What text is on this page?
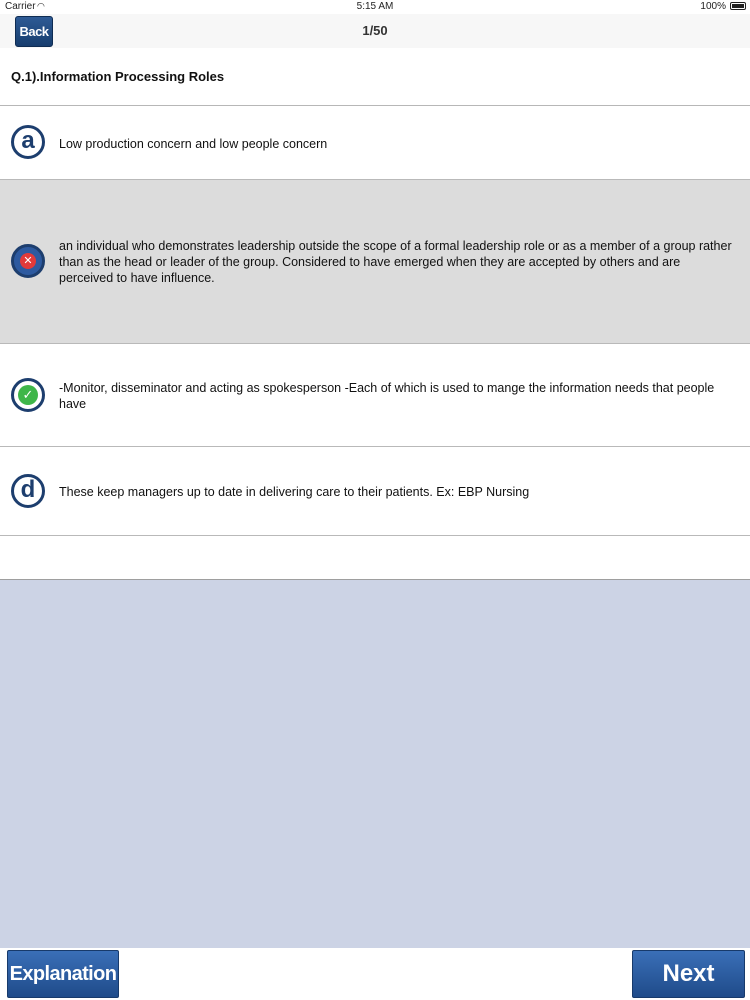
Carrier ◠	5:15 AM	100%
Back	1/50
Q.1).Information Processing Roles
a	Low production concern and low people concern
✕
an individual who demonstrates leadership outside the scope of a formal leadership role or as a member of a group rather than as the head or leader of the group. Considered to have emerged when they are accepted by others and are perceived to have influence.
✓	-Monitor, disseminator and acting as spokesperson -Each of which is used to mange the information needs that people have
d	These keep managers up to date in delivering care to their patients. Ex: EBP Nursing
Explanation	Next
